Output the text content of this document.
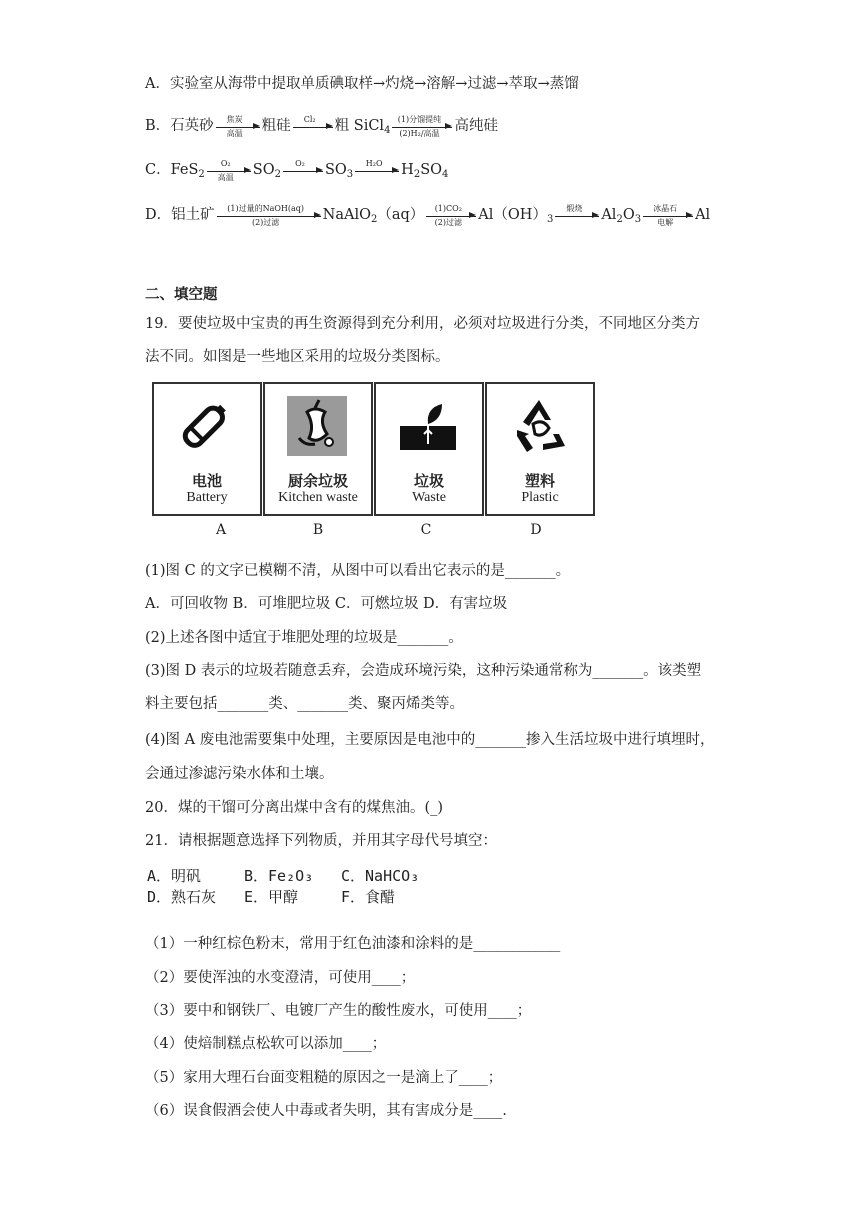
A．实验室从海带中提取单质碘取样→灼烧→溶解→过滤→萃取→蒸馏
B．石英砂	焦炭
高温	粗硅	Cl₂	粗 SiCl$_4$
(1)分馏提纯
(2)H₂/高温	高纯硅
C．FeS$_2$
O₂
高温	$SO_2$
O₂	$SO_3$
H₂O	$H_2SO_4$
D．铝土矿	(1)过量的NaOH(aq)
(2)过滤	NaAlO$_2$（aq）	(1)CO₂
(2)过滤	$Al(OH)_3$
煅烧	$Al_2O_3$
冰晶石
电解	Al
二、填空题
19．要使垃圾中宝贵的再生资源得到充分利用，必须对垃圾进行分类，不同地区分类方
法不同。如图是一些地区采用的垃圾分类图标。
电池
Battery
厨余垃圾
Kitchen waste
垃圾
Waste
塑料
Plastic
A	B	C	D
(1)图 C 的文字已模糊不清，从图中可以看出它表示的是_______。
A．可回收物 B．可堆肥垃圾 C．可燃垃圾 D．有害垃圾
(2)上述各图中适宜于堆肥处理的垃圾是_______。
(3)图 D 表示的垃圾若随意丢弃，会造成环境污染，这种污染通常称为_______。该类塑
料主要包括_______类、_______类、聚丙烯类等。
(4)图 A 废电池需要集中处理，主要原因是电池中的_______掺入生活垃圾中进行填埋时，
会通过渗滤污染水体和土壤。
20．煤的干馏可分离出煤中含有的煤焦油。(_)
21．请根据题意选择下列物质，并用其字母代号填空：
A．明矾	B．Fe₂O₃ C．NaHCO₃
D．熟石灰 E．甲醇	F．食醋
（1）一种红棕色粉末，常用于红色油漆和涂料的是____________
（2）要使浑浊的水变澄清，可使用____；
（3）要中和钢铁厂、电镀厂产生的酸性废水，可使用____；
（4）使焙制糕点松软可以添加____；
（5）家用大理石台面变粗糙的原因之一是滴上了____；
（6）误食假酒会使人中毒或者失明，其有害成分是____.
